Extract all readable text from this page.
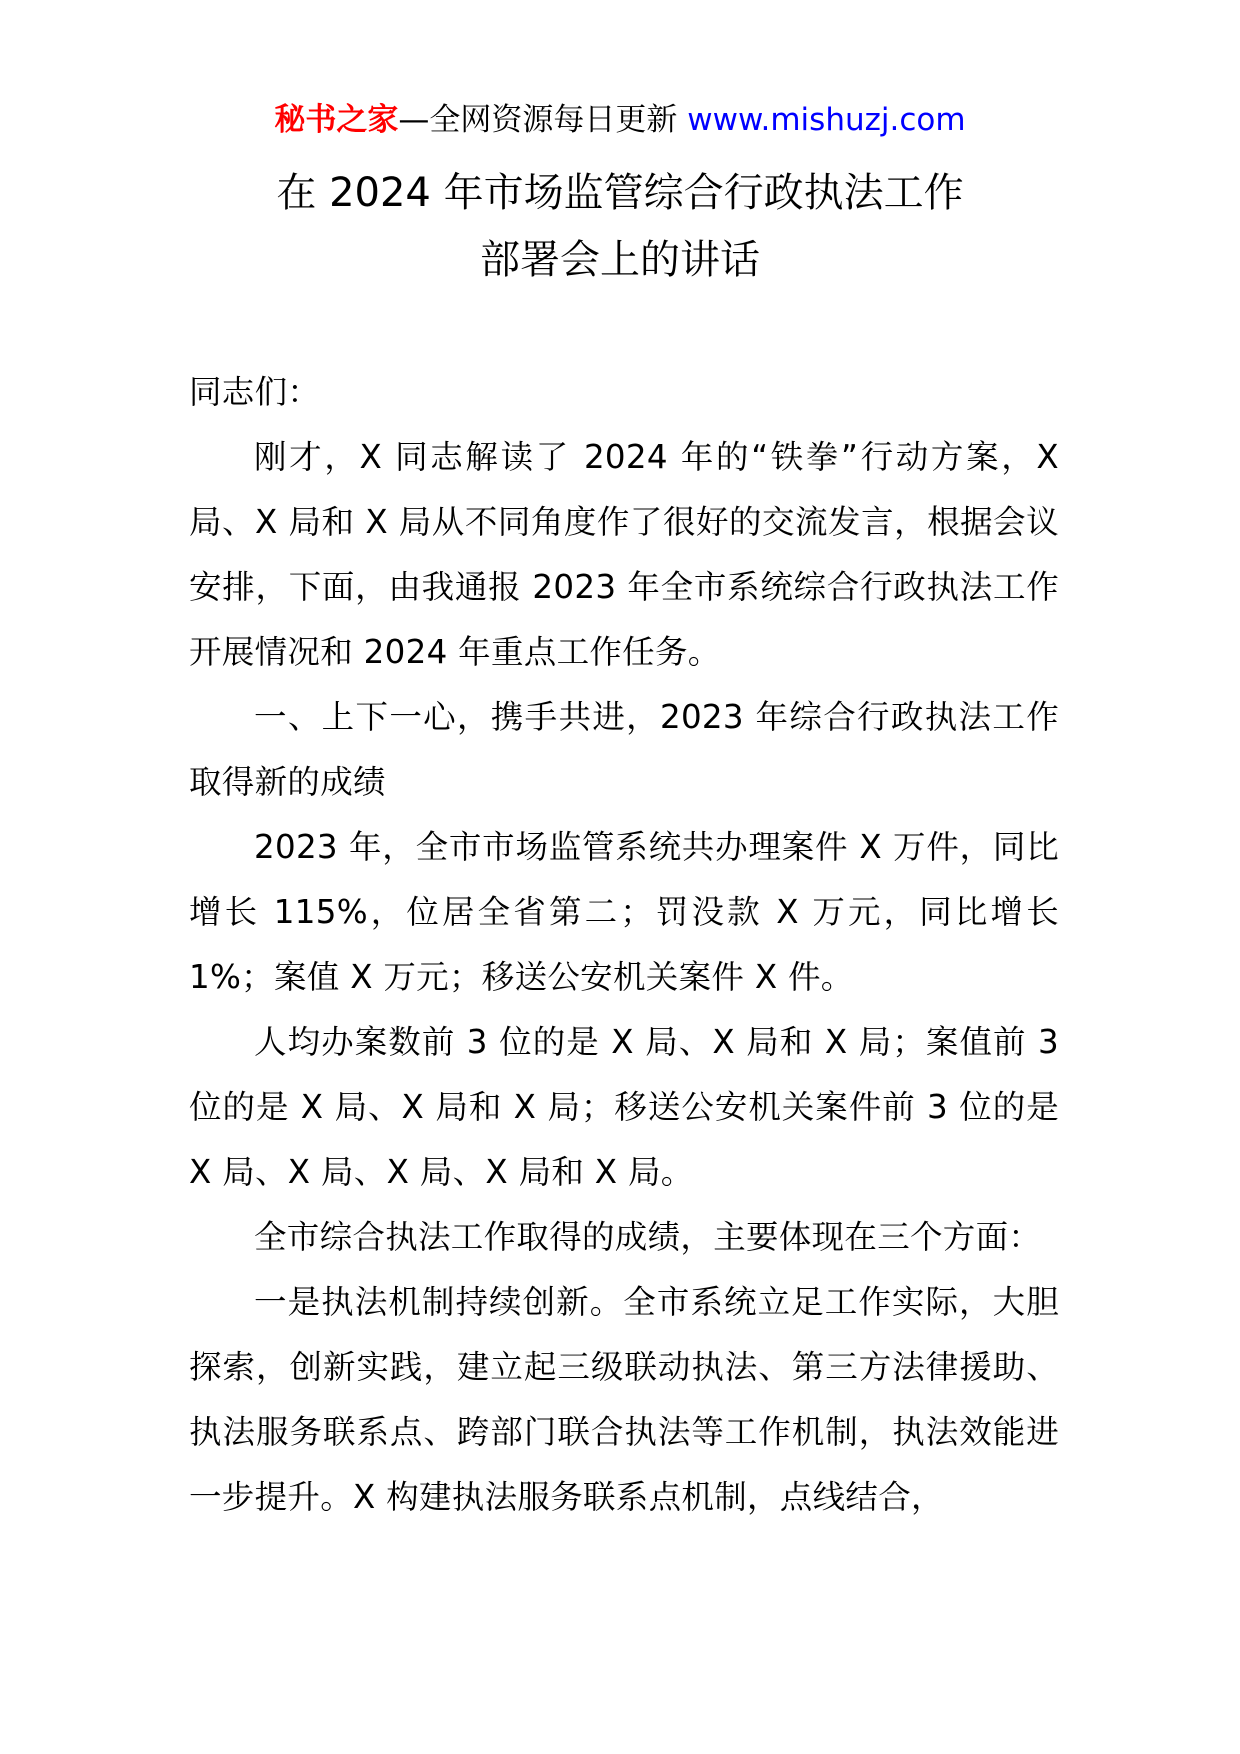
秘书之家—全网资源每日更新 www.mishuzj.com
在 2024 年市场监管综合行政执法工作
部署会上的讲话

同志们：

刚才，X 同志解读了 2024 年的“铁拳”行动方案，X 局、X 局和 X 局从不同角度作了很好的交流发言，根据会议安排，下面，由我通报 2023 年全市系统综合行政执法工作开展情况和 2024 年重点工作任务。

一、上下一心，携手共进，2023 年综合行政执法工作取得新的成绩

2023 年，全市市场监管系统共办理案件 X 万件，同比增长 115%，位居全省第二；罚没款 X 万元，同比增长 1%；案值 X 万元；移送公安机关案件 X 件。

人均办案数前 3 位的是 X 局、X 局和 X 局；案值前 3 位的是 X 局、X 局和 X 局；移送公安机关案件前 3 位的是 X 局、X 局、X 局、X 局和 X 局。

全市综合执法工作取得的成绩，主要体现在三个方面：

一是执法机制持续创新。全市系统立足工作实际，大胆探索，创新实践，建立起三级联动执法、第三方法律援助、执法服务联系点、跨部门联合执法等工作机制，执法效能进一步提升。X 构建执法服务联系点机制，点线结合，
